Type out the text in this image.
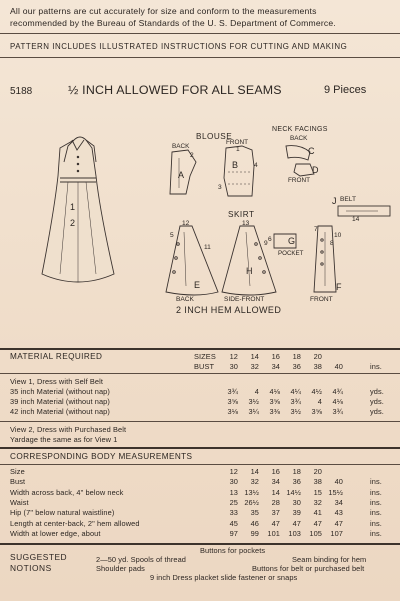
All our patterns are cut accurately for size and conform to the measurements
recommended by the Bureau of Standards of the U. S. Department of Commerce.
PATTERN INCLUDES ILLUSTRATED INSTRUCTIONS FOR CUTTING AND MAKING
5188	½ INCH ALLOWED FOR ALL SEAMS	9 Pieces
1
2
BLOUSE
NECK FACINGS
BACK
BACK
FRONT
FRONT
BELT
SKIRT
POCKET
BACK	SIDE-FRONT	FRONT
2 INCH HEM ALLOWED
A
B
C
D
E	F
G
H
J
1
2
3
4
5
6
7
8
9
10
11
12	13
14
MATERIAL REQUIRED	SIZES	12 14 16 18 20
BUST	30 32 34 36 38 40	ins.
View 1, Dress with Self Belt
35 inch Material (without nap)	3¾ 4 4⅛ 4¼ 4½ 4¾	yds.
39 inch Material (without nap)	3⅝ 3½ 3⅝ 3¾ 4 4⅛	yds.
42 inch Material (without nap)	3⅛ 3¼ 3⅜ 3½ 3⅝ 3¾	yds.
View 2, Dress with Purchased Belt
Yardage the same as for View 1
CORRESPONDING BODY MEASUREMENTS
Size	12 14 16 18 20
Bust	30 32 34 36 38 40	ins.
Width across back, 4" below neck	13 13½ 14 14½ 15 15½	ins.
Waist	25 26½ 28 30 32 34	ins.
Hip (7" below natural waistline)	33 35 37 39 41 43	ins.
Length at center-back, 2" hem allowed	45 46 47 47 47 47	ins.
Width at lower edge, about	97 99 101 103 105 107	ins.
SUGGESTED
NOTIONS
Buttons for pockets
2—50 yd. Spools of thread	Seam binding for hem
Shoulder pads	Buttons for belt or purchased belt
9 inch Dress placket slide fastener or snaps
